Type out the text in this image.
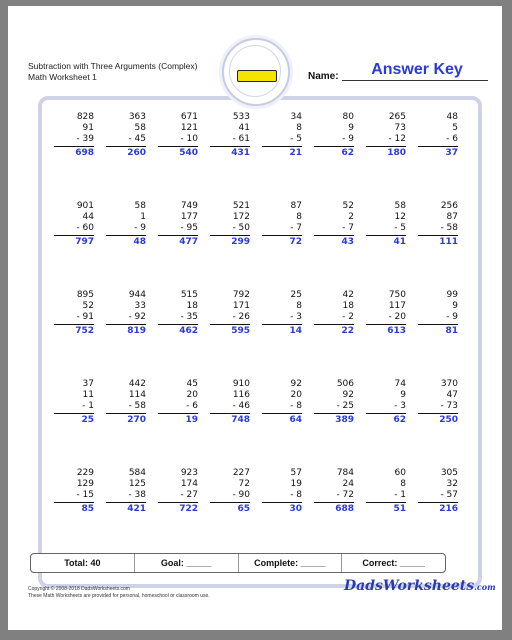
Subtraction with Three Arguments (Complex)
Math Worksheet 1	Name:	Answer Key
828
91
- 39
698
363
58
- 45
260
671
121
- 10
540
533
41
- 61
431
34
8
- 5
21
80
9
- 9
62
265
73
- 12
180
48
5
- 6
37
901
44
- 60
797
58
1
- 9
48
749
177
- 95
477
521
172
- 50
299
87
8
- 7
72
52
2
- 7
43
58
12
- 5
41
256
87
- 58
111
895
52
- 91
752
944
33
- 92
819
515
18
- 35
462
792
171
- 26
595
25
8
- 3
14
42
18
- 2
22
750
117
- 20
613
99
9
- 9
81
37
11
- 1
25
442
114
- 58
270
45
20
- 6
19
910
116
- 46
748
92
20
- 8
64
506
92
- 25
389
74
9
- 3
62
370
47
- 73
250
229
129
- 15
85
584
125
- 38
421
923
174
- 27
722
227
72
- 90
65
57
19
- 8
30
784
24
- 72
688
60
8
- 1
51
305
32
- 57
216
Total: 40	Goal: _____	Complete: _____	Correct: _____
Copyright © 2008-2018 DadsWorksheets.com
These Math Worksheets are provided for personal, homeschool or classroom use.
DadsWorksheets.com
